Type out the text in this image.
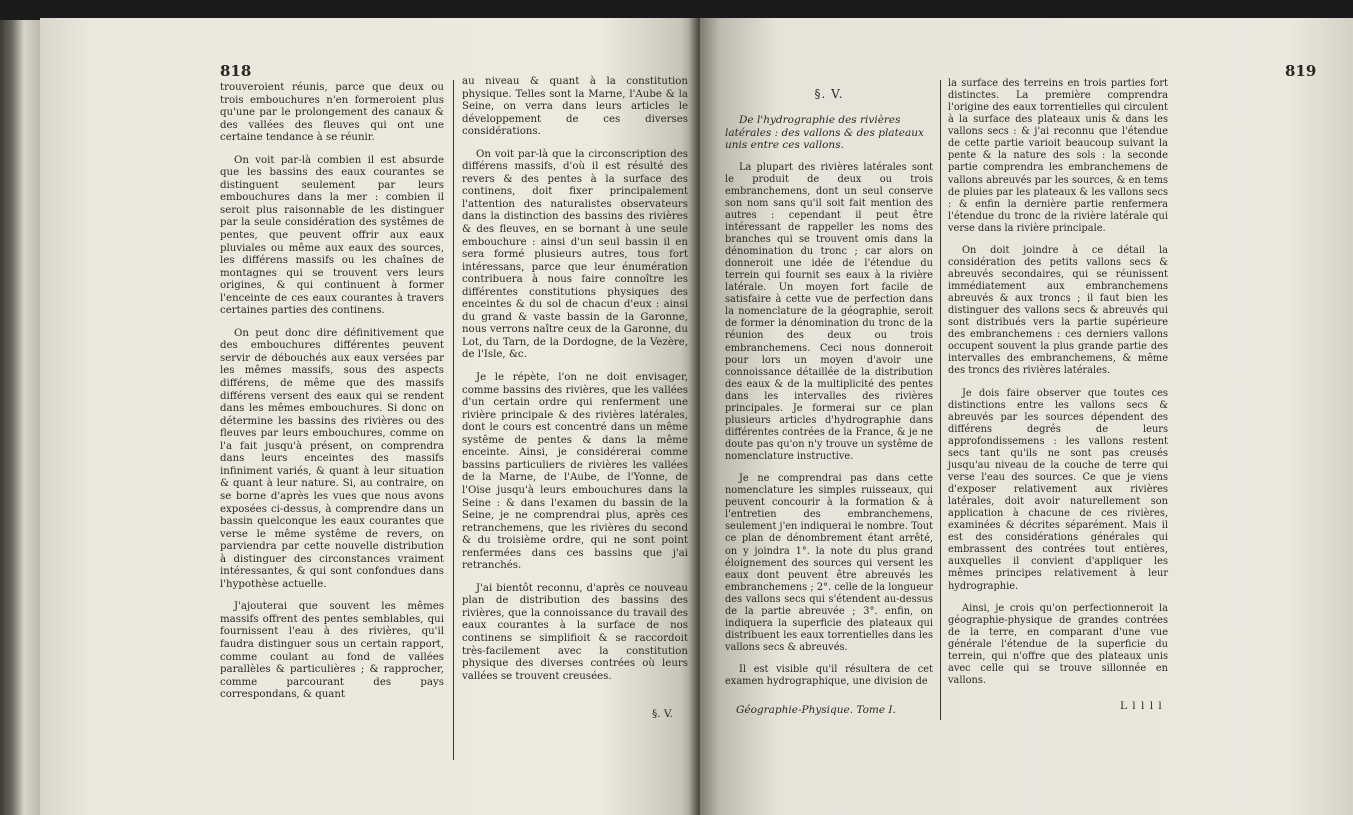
818

trouveroient réunis, parce que deux ou trois embouchures n'en formeroient plus qu'une par le prolongement des canaux & des vallées des fleuves qui ont une certaine tendance à se réunir.

On voit par-là combien il est absurde que les bassins des eaux courantes se distinguent seulement par leurs embouchures dans la mer : combien il seroit plus raisonnable de les distinguer par la seule considération des systêmes de pentes, que peuvent offrir aux eaux pluviales ou même aux eaux des sources, les différens massifs ou les chaînes de montagnes qui se trouvent vers leurs origines, & qui continuent à former l'enceinte de ces eaux courantes à travers certaines parties des continens.

On peut donc dire définitivement que des embouchures différentes peuvent servir de débouchés aux eaux versées par les mêmes massifs, sous des aspects différens, de même que des massifs différens versent des eaux qui se rendent dans les mêmes embouchures. Si donc on détermine les bassins des rivières ou des fleuves par leurs embouchures, comme on l'a fait jusqu'à présent, on comprendra dans leurs enceintes des massifs infiniment variés, & quant à leur situation & quant à leur nature. Si, au contraire, on se borne d'après les vues que nous avons exposées ci-dessus, à comprendre dans un bassin quelconque les eaux courantes que verse le même systême de revers, on parviendra par cette nouvelle distribution à distinguer des circonstances vraiment intéressantes, & qui sont confondues dans l'hypothèse actuelle.

J'ajouterai que souvent les mêmes massifs offrent des pentes semblables, qui fournissent l'eau à des rivières, qu'il faudra distinguer sous un certain rapport, comme coulant au fond de vallées parallèles & particulières ; & rapprocher, comme parcourant des pays correspondans, & quant

au niveau & quant à la constitution physique. Telles sont la Marne, l'Aube & la Seine, on verra dans leurs articles le développement de ces diverses considérations.

On voit par-là que la circonscription des différens massifs, d'où il est résulté des revers & des pentes à la surface des continens, doit fixer principalement l'attention des naturalistes observateurs dans la distinction des bassins des rivières & des fleuves, en se bornant à une seule embouchure : ainsi d'un seul bassin il en sera formé plusieurs autres, tous fort intéressans, parce que leur énumération contribuera à nous faire connoître les différentes constitutions physiques des enceintes & du sol de chacun d'eux : ainsi du grand & vaste bassin de la Garonne, nous verrons naître ceux de la Garonne, du Lot, du Tarn, de la Dordogne, de la Vezère, de l'Isle, &c.

Je le répète, l'on ne doit envisager, comme bassins des rivières, que les vallées d'un certain ordre qui renferment une rivière principale & des rivières latérales, dont le cours est concentré dans un même systême de pentes & dans la même enceinte. Ainsi, je considérerai comme bassins particuliers de rivières les vallées de la Marne, de l'Aube, de l'Yonne, de l'Oise jusqu'à leurs embouchures dans la Seine : & dans l'examen du bassin de la Seine, je ne comprendrai plus, après ces retranchemens, que les rivières du second & du troisième ordre, qui ne sont point renfermées dans ces bassins que j'ai retranchés.

J'ai bientôt reconnu, d'après ce nouveau plan de distribution des bassins des rivières, que la connoissance du travail des eaux courantes à la surface de nos continens se simplifioit & se raccordoit très-facilement avec la constitution physique des diverses contrées où leurs vallées se trouvent creusées.

§. V.
819
§. V.

De l'hydrographie des rivières latérales : des vallons & des plateaux unis entre ces vallons.

La plupart des rivières latérales sont le produit de deux ou trois embranchemens, dont un seul conserve son nom sans qu'il soit fait mention des autres : cependant il peut être intéressant de rappeller les noms des branches qui se trouvent omis dans la dénomination du tronc ; car alors on donneroit une idée de l'étendue du terrein qui fournit ses eaux à la rivière latérale. Un moyen fort facile de satisfaire à cette vue de perfection dans la nomenclature de la géographie, seroit de former la dénomination du tronc de la réunion des deux ou trois embranchemens. Ceci nous donneroit pour lors un moyen d'avoir une connoissance détaillée de la distribution des eaux & de la multiplicité des pentes dans les intervalles des rivières principales. Je formerai sur ce plan plusieurs articles d'hydrographie dans différentes contrées de la France, & je ne doute pas qu'on n'y trouve un systême de nomenclature instructive.

Je ne comprendrai pas dans cette nomenclature les simples ruisseaux, qui peuvent concourir à la formation & à l'entretien des embranchemens, seulement j'en indiquerai le nombre. Tout ce plan de dénombrement étant arrêté, on y joindra 1°. la note du plus grand éloignement des sources qui versent les eaux dont peuvent être abreuvés les embranchemens ; 2°. celle de la longueur des vallons secs qui s'étendent au-dessus de la partie abreuvée ; 3°. enfin, on indiquera la superficie des plateaux qui distribuent les eaux torrentielles dans les vallons secs & abreuvés.

Il est visible qu'il résultera de cet examen hydrographique, une division de

Géographie-Physique. Tome I.

la surface des terreins en trois parties fort distinctes. La première comprendra l'origine des eaux torrentielles qui circulent à la surface des plateaux unis & dans les vallons secs : & j'ai reconnu que l'étendue de cette partie varioit beaucoup suivant la pente & la nature des sols : la seconde partie comprendra les embranchemens de vallons abreuvés par les sources, & en tems de pluies par les plateaux & les vallons secs : & enfin la dernière partie renfermera l'étendue du tronc de la rivière latérale qui verse dans la rivière principale.

On doit joindre à ce détail la considération des petits vallons secs & abreuvés secondaires, qui se réunissent immédiatement aux embranchemens abreuvés & aux troncs ; il faut bien les distinguer des vallons secs & abreuvés qui sont distribués vers la partie supérieure des embranchemens : ces derniers vallons occupent souvent la plus grande partie des intervalles des embranchemens, & même des troncs des rivières latérales.

Je dois faire observer que toutes ces distinctions entre les vallons secs & abreuvés par les sources dépendent des différens degrés de leurs approfondissemens : les vallons restent secs tant qu'ils ne sont pas creusés jusqu'au niveau de la couche de terre qui verse l'eau des sources. Ce que je viens d'exposer relativement aux rivières latérales, doit avoir naturellement son application à chacune de ces rivières, examinées & décrites séparément. Mais il est des considérations générales qui embrassent des contrées tout entières, auxquelles il convient d'appliquer les mêmes principes relativement à leur hydrographie.

Ainsi, je crois qu'on perfectionneroit la géographie-physique de grandes contrées de la terre, en comparant d'une vue générale l'étendue de la superficie du terrein, qui n'offre que des plateaux unis avec celle qui se trouve sillonnée en vallons.

L l l l l
